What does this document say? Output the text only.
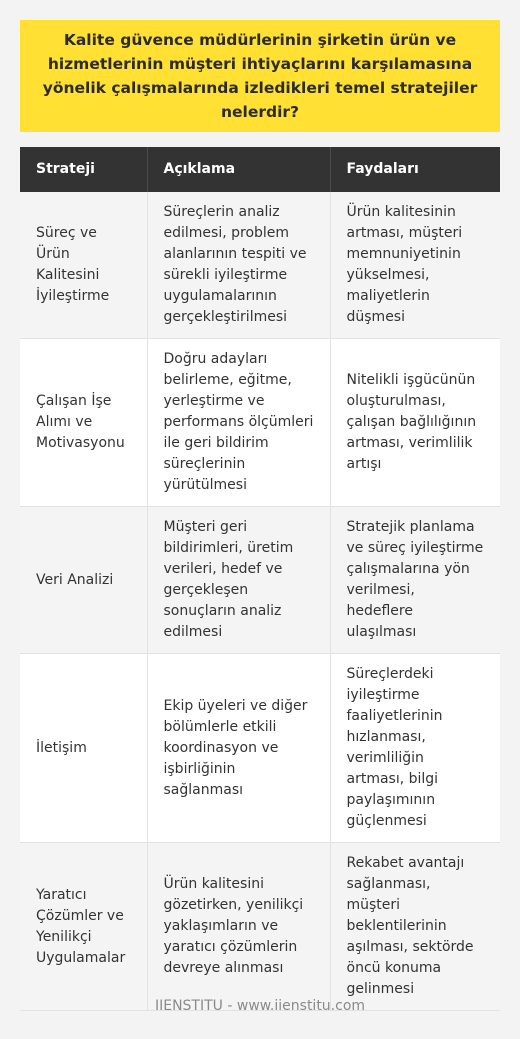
Kalite güvence müdürlerinin şirketin ürün ve hizmetlerinin müşteri ihtiyaçlarını karşılamasına yönelik çalışmalarında izledikleri temel stratejiler nelerdir?
Strateji	Açıklama	Faydaları
Süreç ve Ürün Kalitesini İyileştirme	Süreçlerin analiz edilmesi, problem alanlarının tespiti ve sürekli iyileştirme uygulamalarının gerçekleştirilmesi	Ürün kalitesinin artması, müşteri memnuniyetinin yükselmesi, maliyetlerin düşmesi
Çalışan İşe Alımı ve Motivasyonu	Doğru adayları belirleme, eğitme, yerleştirme ve performans ölçümleri ile geri bildirim süreçlerinin yürütülmesi	Nitelikli işgücünün oluşturulması, çalışan bağlılığının artması, verimlilik artışı
Veri Analizi	Müşteri geri bildirimleri, üretim verileri, hedef ve gerçekleşen sonuçların analiz edilmesi	Stratejik planlama ve süreç iyileştirme çalışmalarına yön verilmesi, hedeflere ulaşılması
İletişim	Ekip üyeleri ve diğer bölümlerle etkili koordinasyon ve işbirliğinin sağlanması	Süreçlerdeki iyileştirme faaliyetlerinin hızlanması, verimliliğin artması, bilgi paylaşımının güçlenmesi
Yaratıcı Çözümler ve Yenilikçi Uygulamalar	Ürün kalitesini gözetirken, yenilikçi yaklaşımların ve yaratıcı çözümlerin devreye alınması	Rekabet avantajı sağlanması, müşteri beklentilerinin aşılması, sektörde öncü konuma gelinmesi
IIENSTITU - www.iienstitu.com
